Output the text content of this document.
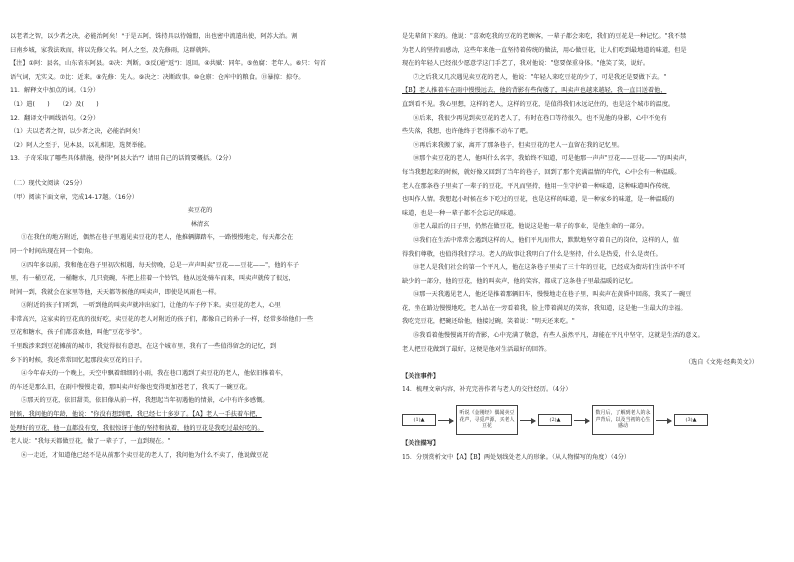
以老者之智，以少者之决，必能治阿矣！"于是五阿，铢持具以待翰盟，出也密中流遣出使，阿苏大治。割
曰南乡城，家我法欢而，将以先修父名。阿人之至，及先修雨，这群就阵。
【注】①阿：县名，山东省东阿县。②决：判断。③反(通"返")：返回。④共赋：同年。⑤鱼腐：老年人。⑥只：句首
语气词，无实义。⑦比：近来。⑧先修：先人。⑨决之：决断政事。⑩仓廪：仓库中的粮食。⑪暴掠：掠夺。
11．解释文中加点的词。（1分）
（1）遣(　　)　　（2）及(　　)
12．翻译文中画线语句。（2分）
（1）夫以老者之智，以少者之决，必能治阿矣！
（2）阿人之至于，见本县，以礼相迎，选贤举能。
13．子奇采取了哪些具体措施，使得"阿县大治"？请用自己的话简要概括。（2分）
（二）现代文阅读（25分）
（甲）阅读下面文章，完成14-17题。（16分）
卖豆花的
林清玄
①在我住的地方附近，偶然在巷子里遇见卖豆花的老人，他推辆脚踏车，一路慢慢地走，每天都会在
同一个时间出现在同一个街角。
②四年多以前，我和他在巷子里初次相遇，每天傍晚，总是一声声叫卖"豆花——豆花——"，他的车子
里，有一桶豆花，一桶糖水，几只瓷碗，车把上挂着一个铃铛，他从远处骑车而来，叫卖声就传了很远，
时间一到，我就会在家里等他，天天都等候他的叫卖声，即使是风雨也一样。
③附近的孩子们听到，一听到他的叫卖声就冲出家门，让他的车子停下来。卖豆花的老人，心里
非常高兴，这家卖的豆花真的很好吃，卖豆花的老人对附近的孩子们，都像自己的孙子一样，经常多给他们一些
豆花和糖水，孩子们都喜欢他，叫他"豆花爷爷"。
千里跋涉来到豆花摊前的城市，我觉得很有意思，在这个城市里，我有了一些值得留念的记忆，到
乡下的时候，我还常常回忆起那段卖豆花的日子。
④今年春天的一个晚上，天空中飘着细细的小雨，我在巷口遇到了卖豆花的老人，他依旧推着车，
的车还是那么旧，在雨中慢慢走着，那叫卖声好像也变得更加苍老了，我买了一碗豆花。
⑤那天的豆花，依旧甜美，依旧像从前一样，我想起当年初遇他的情景，心中有许多感慨。
时候，我问他的年龄，他说："你没有想到吧，我已经七十多岁了。【A】老人一手扶着车把，
处理好的豆花，他一直都没有变，我很惊讶于他的坚持和执着，他的豆花是我吃过最好吃的。
老人说："我每天都做豆花，做了一辈子了，一直到现在。"
⑥一走近，才知道他已经不是从前那个卖豆花的老人了，我问他为什么不卖了，他说做豆花
是先辈留下来的。他说："喜欢吃我的豆花的老顾客，一辈子都会来吃，我们的豆花是一种记忆。"我不禁
为老人的坚持而感动，这些年来他一直坚持着传统的做法，用心做豆花，让人们吃到最地道的味道，但是
现在的年轻人已经很少愿意学这门手艺了，我对他说："您要保重身体。"他笑了笑，说好。
⑦之后我又几次遇见卖豆花的老人，他说："年轻人来吃豆花的少了，可是我还是要做下去。"
【B】老人推着车在雨中慢慢远去，他的背影有些佝偻了，叫卖声也越来越轻，我一直目送着他，
直到看不见。我心里想，这样的老人，这样的豆花，是值得我们永远记住的，也是这个城市的温度。
⑧后来，我很少再见到卖豆花的老人了，有时在巷口等待很久，也不见他的身影，心中不免有
些失落，我想，也许他终于老得推不动车了吧。
⑨再后来我搬了家，离开了那条巷子，但卖豆花的老人一直留在我的记忆里。
⑩那个卖豆花的老人，他叫什么名字，我始终不知道，可是他那一声声"豆花——豆花——"的叫卖声，
每当我想起来的时候，就好像又回到了当年的巷子，回到了那个充满温情的年代，心中会有一种温暖。
老人在那条巷子里卖了一辈子的豆花，平凡而坚持，他用一生守护着一种味道，这种味道叫作传统，
也叫作人情。我想起小时候在乡下吃过的豆花，也是这样的味道，是一种家乡的味道，是一种温暖的
味道，也是一种一辈子都不会忘记的味道。
⑪老人最后的日子里，仍然在做豆花，他说这是他一辈子的事业，是他生命的一部分。
⑫我们在生活中常常会遇到这样的人，他们平凡而伟大，默默地坚守着自己的岗位，这样的人，值
得我们尊敬，也值得我们学习。老人的故事让我明白了什么是坚持，什么是热爱，什么是责任。
⑬老人是我们社会的第一个平凡人，他在这条巷子里卖了三十年的豆花，已经成为街坊们生活中不可
缺少的一部分，他的豆花，他的叫卖声，他的笑容，都成了这条巷子里最温暖的记忆。
⑭那一天我遇见老人，他还是推着那辆旧车，慢慢地走在巷子里，叫卖声在黄昏中回荡，我买了一碗豆
花，坐在路边慢慢地吃，老人站在一旁看着我，脸上带着满足的笑容，我知道，这是他一生最大的幸福。
我吃完豆花，把碗还给他，他接过碗，笑着说："明天还来吃。"
⑮我看着他慢慢离开的背影，心中充满了敬意，有些人虽然平凡，却能在平凡中坚守，这就是生活的意义。
老人把豆花做到了最好，这便是他对生活最好的回答。
（选自《文苑·经典美文》）
【关注事件】
14．梳理文章内容，补充完善作者与老人的交往经历。（4分）
(1)▲
听说《金刚经》偶闻卖豆花声，寻觅声源，买老人豆花
(2)▲
数月后，了解到老人的永声背后，以及当初的心生感动
(3)▲
【关注描写】
15．分别赏析文中【A】【B】两处划线处老人的形象。（从人物描写的角度）（4分）
